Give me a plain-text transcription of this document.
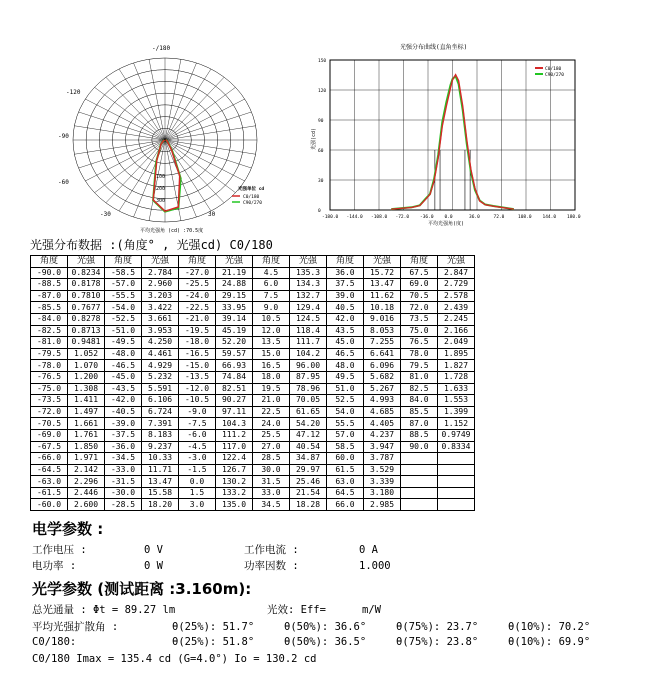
-/180
-120
-90
-60
-30	30
100
200
300
光强单位 cd
C0/180
C90/270
平均光强角 (cd) :70.5度
光强分布曲线(直角坐标)
光强(cd)
平均光强角(度)
-180.0 -144.0 -108.0 -72.0 -36.0 0.0	36.0	72.0	108.0 144.0 180.0
0
30
60
90
120
150
C0/180
C90/270
光强分布数据 :(角度° , 光强cd) C0/180
角度	光强	角度	光强	角度	光强	角度	光强	角度	光强	角度	光强
-90.0	0.8234	-58.5	2.784	-27.0	21.19	4.5	135.3	36.0	15.72	67.5	2.847
-88.5	0.8178	-57.0	2.960	-25.5	24.88	6.0	134.3	37.5	13.47	69.0	2.729
-87.0	0.7810	-55.5	3.203	-24.0	29.15	7.5	132.7	39.0	11.62	70.5	2.578
-85.5	0.7677	-54.0	3.422	-22.5	33.95	9.0	129.4	40.5	10.18	72.0	2.439
-84.0	0.8278	-52.5	3.661	-21.0	39.14	10.5	124.5	42.0	9.016	73.5	2.245
-82.5	0.8713	-51.0	3.953	-19.5	45.19	12.0	118.4	43.5	8.053	75.0	2.166
-81.0	0.9481	-49.5	4.250	-18.0	52.20	13.5	111.7	45.0	7.255	76.5	2.049
-79.5	1.052	-48.0	4.461	-16.5	59.57	15.0	104.2	46.5	6.641	78.0	1.895
-78.0	1.070	-46.5	4.929	-15.0	66.93	16.5	96.00	48.0	6.096	79.5	1.827
-76.5	1.200	-45.0	5.232	-13.5	74.84	18.0	87.95	49.5	5.682	81.0	1.728
-75.0	1.308	-43.5	5.591	-12.0	82.51	19.5	78.96	51.0	5.267	82.5	1.633
-73.5	1.411	-42.0	6.106	-10.5	90.27	21.0	70.05	52.5	4.993	84.0	1.553
-72.0	1.497	-40.5	6.724	-9.0	97.11	22.5	61.65	54.0	4.685	85.5	1.399
-70.5	1.661	-39.0	7.391	-7.5	104.3	24.0	54.20	55.5	4.405	87.0	1.152
-69.0	1.761	-37.5	8.183	-6.0	111.2	25.5	47.12	57.0	4.237	88.5	0.9749
-67.5	1.850	-36.0	9.237	-4.5	117.0	27.0	40.54	58.5	3.947	90.0	0.8334
-66.0	1.971	-34.5	10.33	-3.0	122.4	28.5	34.87	60.0	3.787		
-64.5	2.142	-33.0	11.71	-1.5	126.7	30.0	29.97	61.5	3.529		
-63.0	2.296	-31.5	13.47	0.0	130.2	31.5	25.46	63.0	3.339		
-61.5	2.446	-30.0	15.58	1.5	133.2	33.0	21.54	64.5	3.180		
-60.0	2.600	-28.5	18.20	3.0	135.0	34.5	18.28	66.0	2.985		
电学参数 :
工作电压 :	0 V	工作电流 :	0 A
电功率 :	0 W	功率因数 :	1.000
光学参数 (测试距离 :3.160m):
总光通量 : Φt = 89.27 lm	光效: Eff=	m/W
平均光强扩散角 :	θ(25%): 51.7°	θ(50%): 36.6°	θ(75%): 23.7°	θ(10%): 70.2°
C0/180:	θ(25%): 51.8°	θ(50%): 36.5°	θ(75%): 23.8°	θ(10%): 69.9°
C0/180 Imax = 135.4 cd (G=4.0°) Io = 130.2 cd
